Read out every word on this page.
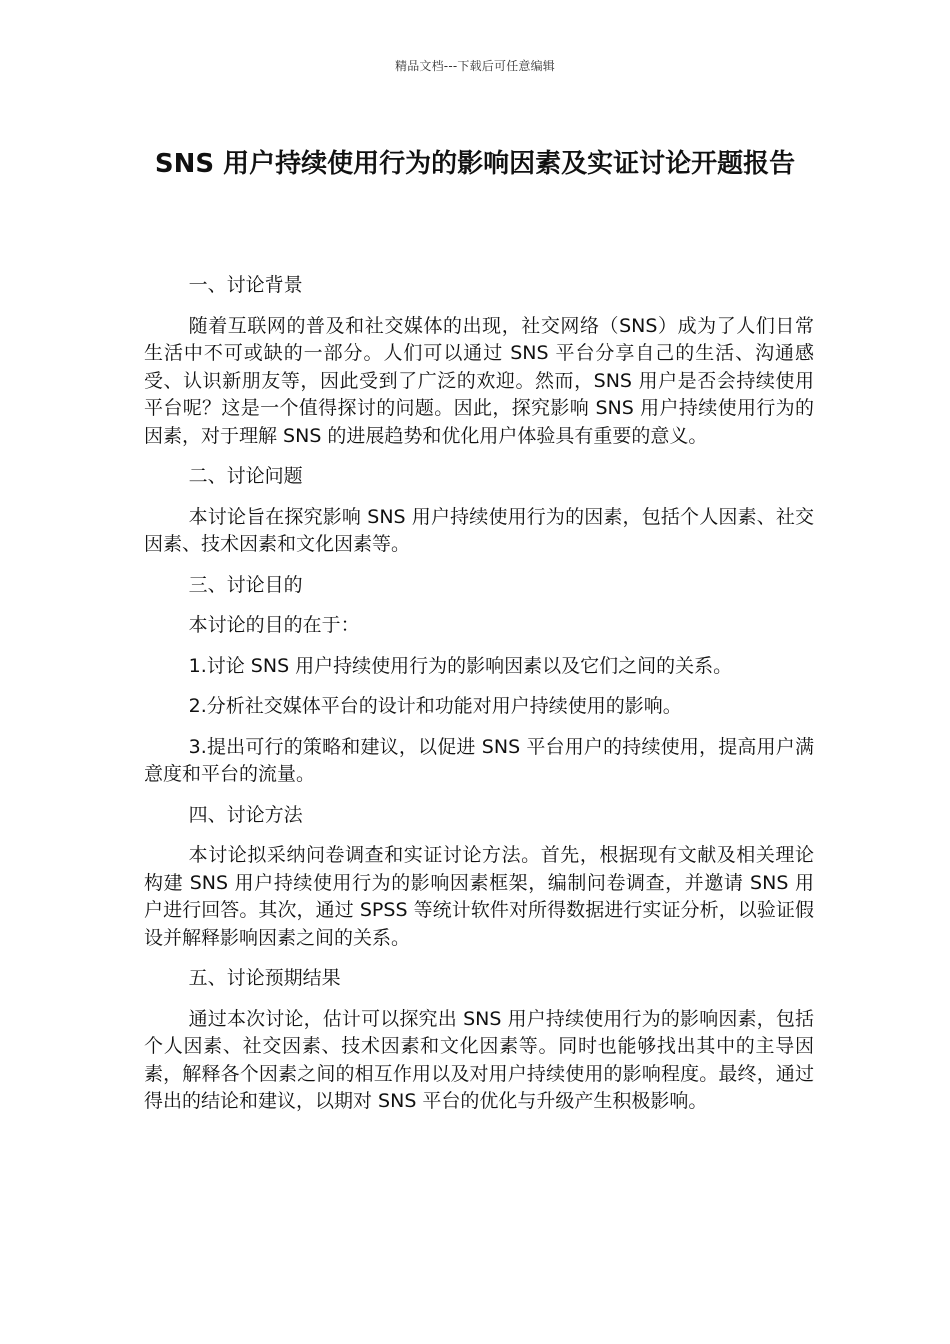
精品文档---下载后可任意编辑
SNS 用户持续使用行为的影响因素及实证讨论开题报告

一、讨论背景

随着互联网的普及和社交媒体的出现，社交网络（SNS）成为了人们日常生活中不可或缺的一部分。人们可以通过 SNS 平台分享自己的生活、沟通感受、认识新朋友等，因此受到了广泛的欢迎。然而，SNS 用户是否会持续使用平台呢？这是一个值得探讨的问题。因此，探究影响 SNS 用户持续使用行为的因素，对于理解 SNS 的进展趋势和优化用户体验具有重要的意义。

二、讨论问题

本讨论旨在探究影响 SNS 用户持续使用行为的因素，包括个人因素、社交因素、技术因素和文化因素等。

三、讨论目的

本讨论的目的在于：

1.讨论 SNS 用户持续使用行为的影响因素以及它们之间的关系。

2.分析社交媒体平台的设计和功能对用户持续使用的影响。

3.提出可行的策略和建议，以促进 SNS 平台用户的持续使用，提高用户满意度和平台的流量。

四、讨论方法

本讨论拟采纳问卷调查和实证讨论方法。首先，根据现有文献及相关理论构建 SNS 用户持续使用行为的影响因素框架，编制问卷调查，并邀请 SNS 用户进行回答。其次，通过 SPSS 等统计软件对所得数据进行实证分析，以验证假设并解释影响因素之间的关系。

五、讨论预期结果

通过本次讨论，估计可以探究出 SNS 用户持续使用行为的影响因素，包括个人因素、社交因素、技术因素和文化因素等。同时也能够找出其中的主导因素，解释各个因素之间的相互作用以及对用户持续使用的影响程度。最终，通过得出的结论和建议，以期对 SNS 平台的优化与升级产生积极影响。
